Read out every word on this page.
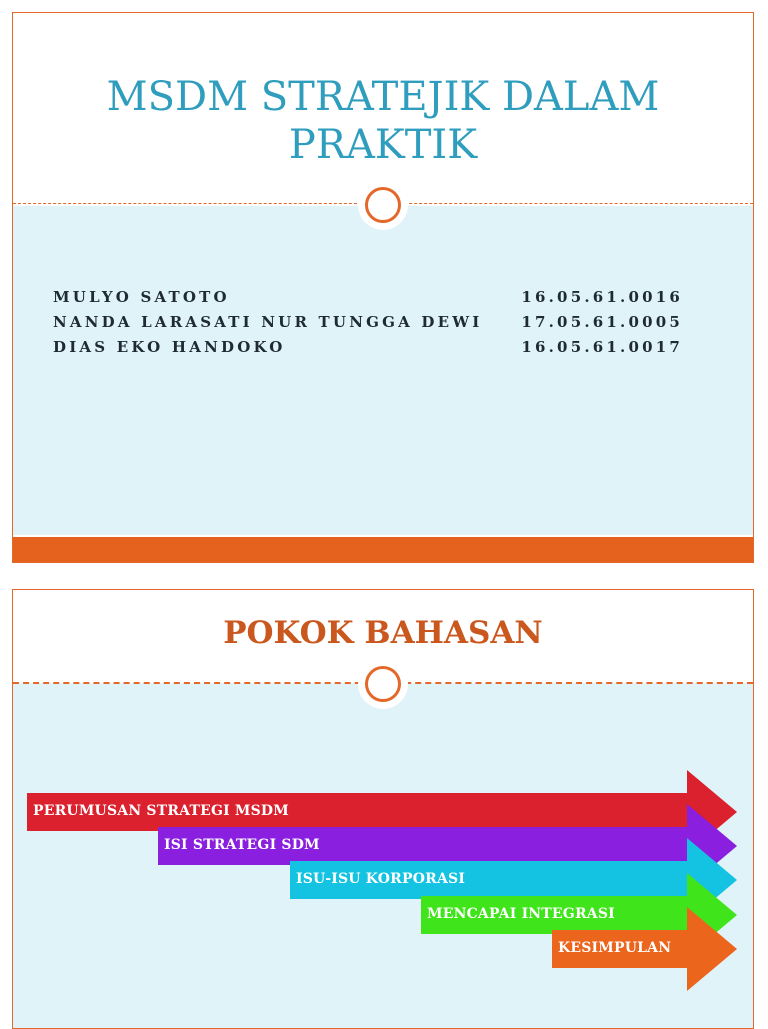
MSDM STRATEJIK DALAM
PRAKTIK
MULYO SATOTO	16.05.61.0016
NANDA LARASATI NUR TUNGGA DEWI	17.05.61.0005
DIAS EKO HANDOKO	16.05.61.0017
POKOK BAHASAN
PERUMUSAN STRATEGI MSDM
ISI STRATEGI SDM
ISU-ISU KORPORASI
MENCAPAI INTEGRASI
KESIMPULAN
